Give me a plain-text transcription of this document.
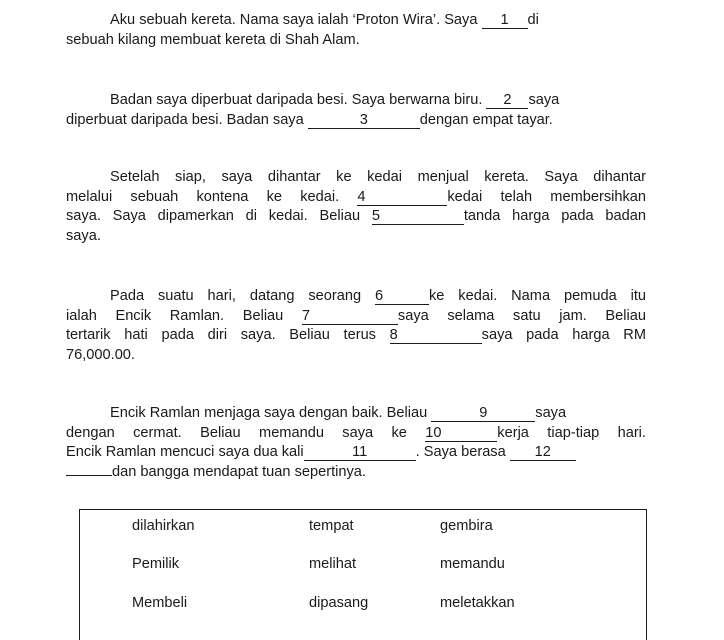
Aku sebuah kereta. Nama saya ialah ‘Proton Wira’. Saya 1 di
sebuah kilang membuat kereta di Shah Alam.
Badan saya diperbuat daripada besi. Saya berwarna biru. 2 saya
diperbuat daripada besi. Badan saya	3	dengan empat tayar.
Setelah siap, saya dihantar ke kedai menjual kereta. Saya dihantar
melalui sebuah kontena ke kedai. 4	kedai telah membersihkan
saya. Saya dipamerkan di kedai. Beliau 5	tanda harga pada badan
saya.
Pada suatu hari, datang seorang 6	ke kedai. Nama pemuda itu
ialah Encik Ramlan. Beliau 7	saya selama satu jam. Beliau
tertarik hati pada diri saya. Beliau terus 8	saya pada harga RM
76,000.00.
Encik Ramlan menjaga saya dengan baik. Beliau	9	saya
dengan cermat. Beliau memandu saya ke 10	kerja tiap-tiap hari.
Encik Ramlan mencuci saya dua kali	11	. Saya berasa 12
dan bangga mendapat tuan sepertinya.
dilahirkan	tempat	gembira
Pemilik	melihat	memandu
Membeli	dipasang	meletakkan
